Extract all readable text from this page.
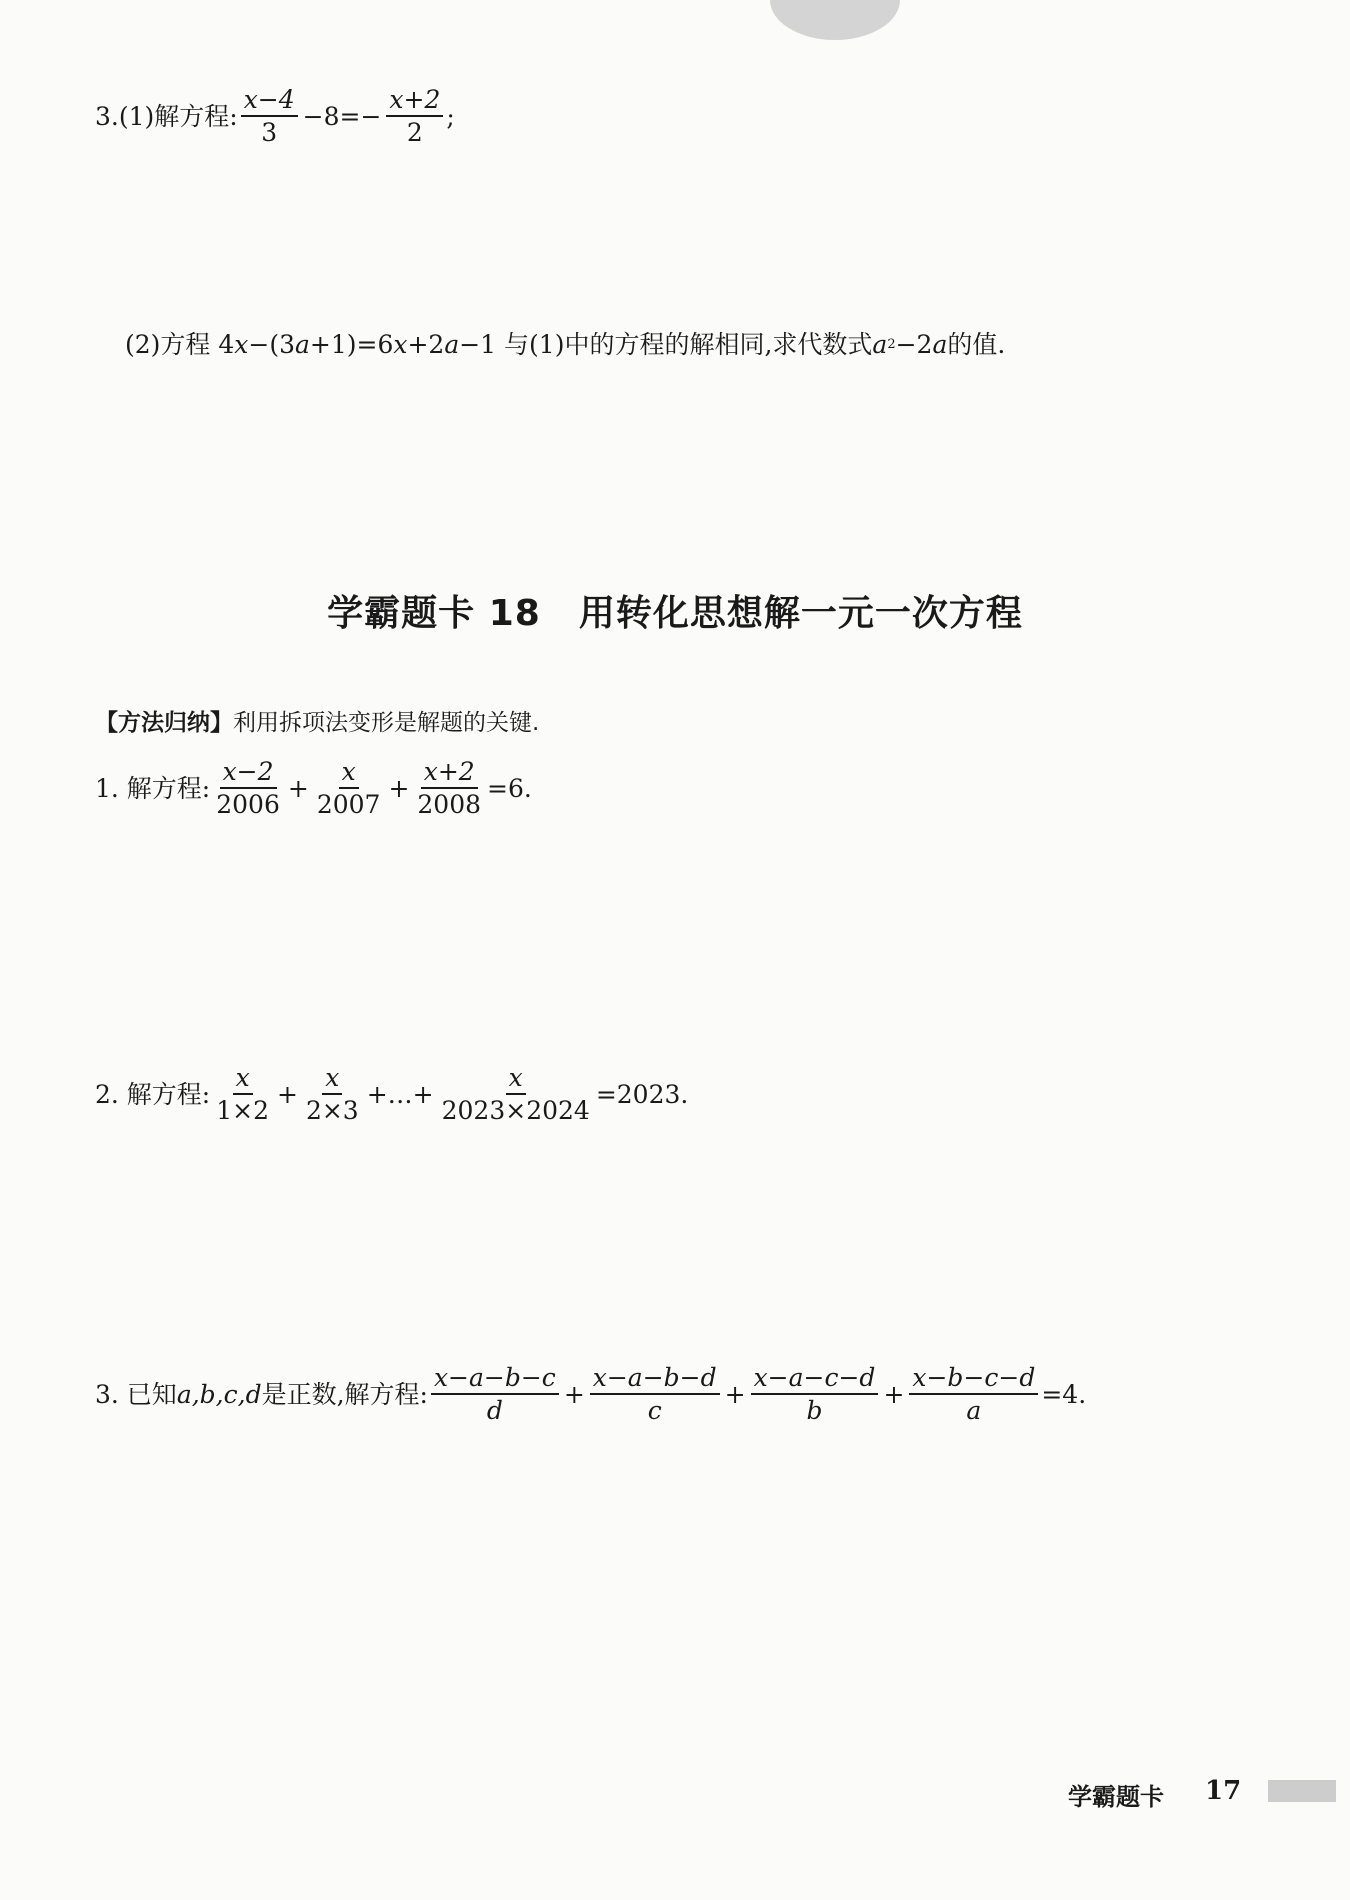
3. (1)解方程: $\frac{x-4}{3} -8=- \frac{x+2}{2}$ ;
(2)方程 4 x −(3 a +1)=6 x +2 a −1 与(1)中的方程的解相同,求代数式 a 2 −2 a 的值.
学霸题卡 18 用转化思想解一元一次方程
【方法归纳】利用拆项法变形是解题的关键.
1. 解方程: $\frac{x-2}{2006} + \frac{x}{2007} + \frac{x+2}{2008} =6$.
2. 解方程: $\frac{x}{1\times 2} + \frac{x}{2\times 3}$ +…+ $\frac{x}{2023\times 2024} =2023$.
3. 已知 a,b,c,d 是正数,解方程: $\frac{x-a-b-c}{d} + \frac{x-a-b-d}{c} + \frac{x-a-c-d}{b} + \frac{x-b-c-d}{a} =4$.
学霸题卡 17
